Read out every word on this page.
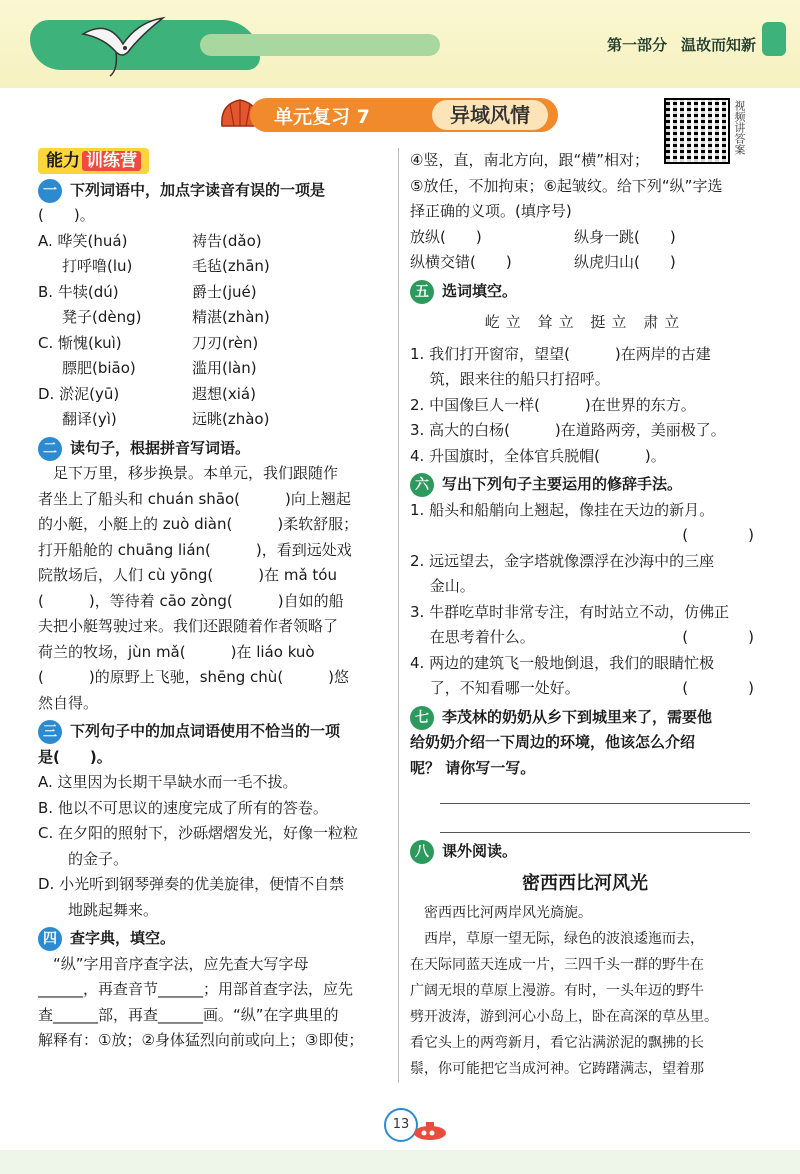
第一部分 温故而知新
单元复习 7	异域风情	视频讲答案
能力 训练营
一 下列词语中，加点字读音有误的一项是
(　　)。
A. 哗笑(huá)	祷告(dǎo)
打呼噜(lu)	毛毡(zhān)
B. 牛犊(dú)	爵士(jué)
凳子(dèng)	精湛(zhàn)
C. 惭愧(kuì)	刀刃(rèn)
膘肥(biāo)	滥用(làn)
D. 淤泥(yū)	遐想(xiá)
翻译(yì)	远眺(zhào)
二 读句子，根据拼音写词语。
　足下万里，移步换景。本单元，我们跟随作
者坐上了船头和 chuán shāo(　　　)向上翘起
的小艇，小艇上的 zuò diàn(　　　)柔软舒服；
打开船舱的 chuāng lián(　　　)，看到远处戏
院散场后，人们 cù yōng(　　　)在 mǎ tóu
(　　　)，等待着 cāo zòng(　　　)自如的船
夫把小艇驾驶过来。我们还跟随着作者领略了
荷兰的牧场，jùn mǎ(　　　)在 liáo kuò
(　　　)的原野上飞驰，shēng chù(　　　)悠
然自得。
三 下列句子中的加点词语使用不恰当的一项
是(　　)。
A. 这里因为长期干旱缺水而一毛不拔。
B. 他以不可思议的速度完成了所有的答卷。
C. 在夕阳的照射下，沙砾熠熠发光，好像一粒粒
　　的金子。
D. 小光听到钢琴弹奏的优美旋律，便情不自禁
　　地跳起舞来。
四 查字典，填空。
　“纵”字用音序查字法，应先查大写字母
______，再查音节______；用部首查字法，应先
查______部，再查______画。“纵”在字典里的
解释有：①放；②身体猛烈向前或向上；③即使；
④竖，直，南北方向，跟“横”相对；
⑤放任，不加拘束；⑥起皱纹。给下列“纵”字选
择正确的义项。(填序号)
放纵(　　)	纵身一跳(　　)
纵横交错(　　)	纵虎归山(　　)
五 选词填空。
屹立 耸立 挺立 肃立
1. 我们打开窗帘，望望(　　　)在两岸的古建
　 筑，跟来往的船只打招呼。
2. 中国像巨人一样(　　　)在世界的东方。
3. 高大的白杨(　　　)在道路两旁，美丽极了。
4. 升国旗时，全体官兵脱帽(　　　)。
六 写出下列句子主要运用的修辞手法。
1. 船头和船艄向上翘起，像挂在天边的新月。
(　　　　)
2. 远远望去，金字塔就像漂浮在沙海中的三座
　 金山。
3. 牛群吃草时非常专注，有时站立不动，仿佛正
　 在思考着什么。	(　　　　)
4. 两边的建筑飞一般地倒退，我们的眼睛忙极
　 了，不知看哪一处好。	(　　　　)
七 李茂林的奶奶从乡下到城里来了，需要他
给奶奶介绍一下周边的环境，他该怎么介绍
呢？ 请你写一写。
八 课外阅读。
密西西比河风光
　密西西比河两岸风光旖旎。
　西岸，草原一望无际，绿色的波浪逶迤而去，
在天际同蓝天连成一片，三四千头一群的野牛在
广阔无垠的草原上漫游。有时，一头年迈的野牛
劈开波涛，游到河心小岛上，卧在高深的草丛里。
看它头上的两弯新月，看它沾满淤泥的飘拂的长
鬃，你可能把它当成河神。它踌躇满志，望着那
13
